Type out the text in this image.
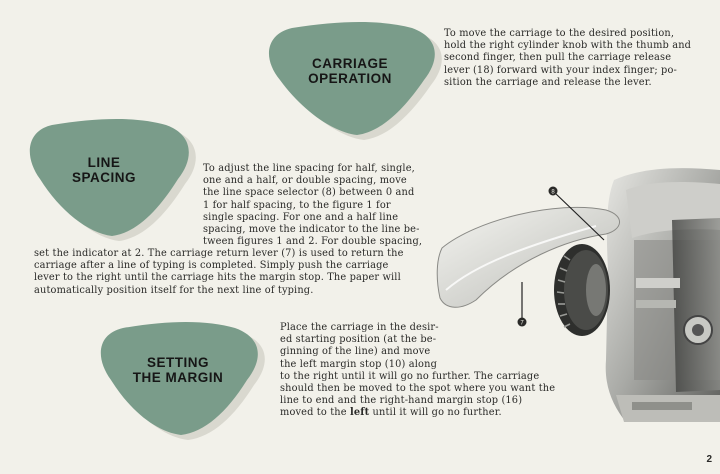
CARRIAGE
OPERATION
LINE
SPACING
SETTING
THE MARGIN
To move the carriage to the desired position,
hold the right cylinder knob with the thumb and
second finger, then pull the carriage release
lever (18) forward with your index finger; po-
sition the carriage and release the lever.
To adjust the line spacing for half, single,
one and a half, or double spacing, move
the line space selector (8) between 0 and
1 for half spacing, to the figure 1 for
single spacing. For one and a half line
spacing, move the indicator to the line be-
tween figures 1 and 2. For double spacing,
set the indicator at 2. The carriage return lever (7) is used to return the
carriage after a line of typing is completed. Simply push the carriage
lever to the right until the carriage hits the margin stop. The paper will
automatically position itself for the next line of typing.
Place the carriage in the desir-
ed starting position (at the be-
ginning of the line) and move
the left margin stop (10) along
to the right until it will go no further. The carriage
should then be moved to the spot where you want the
line to end and the right-hand margin stop (16)
moved to the left until it will go no further.
8
7
2
